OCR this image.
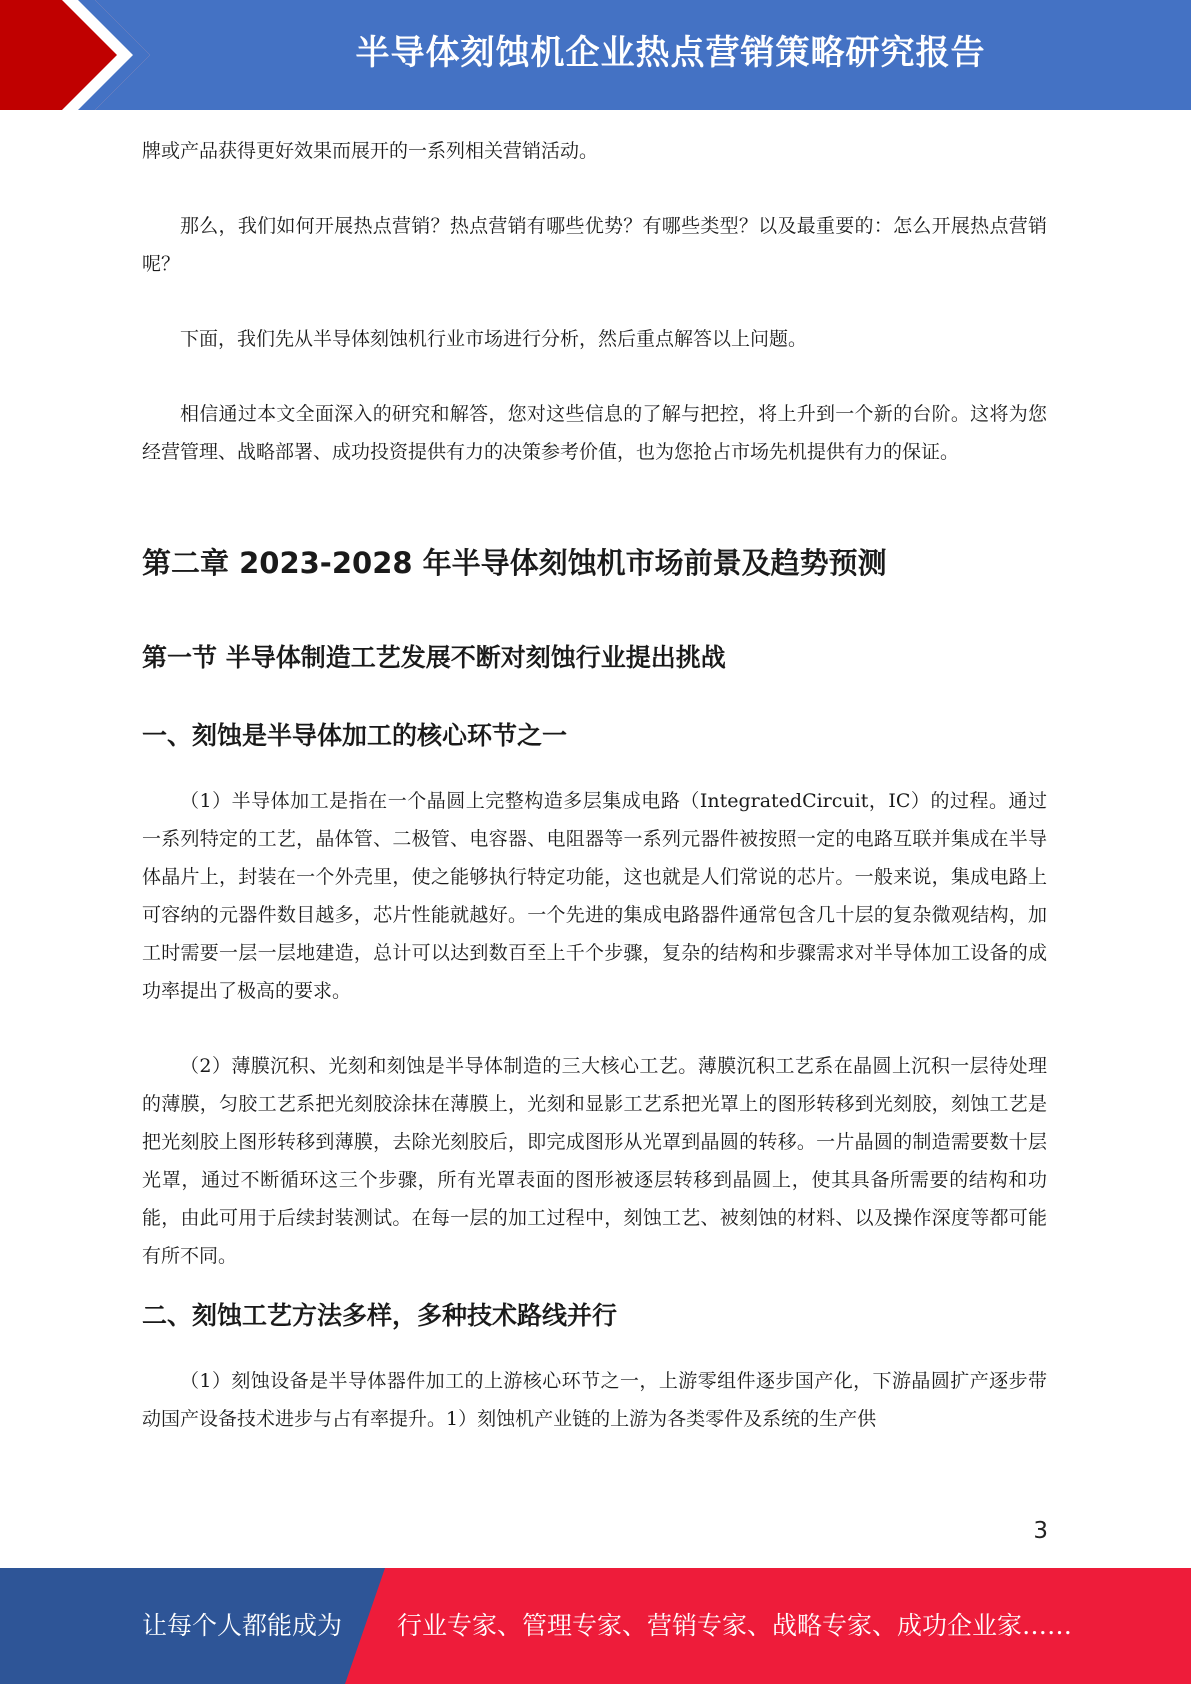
半导体刻蚀机企业热点营销策略研究报告

牌或产品获得更好效果而展开的一系列相关营销活动。

那么，我们如何开展热点营销？热点营销有哪些优势？有哪些类型？以及最重要的：怎么开展热点营销呢？

下面，我们先从半导体刻蚀机行业市场进行分析，然后重点解答以上问题。

相信通过本文全面深入的研究和解答，您对这些信息的了解与把控，将上升到一个新的台阶。这将为您经营管理、战略部署、成功投资提供有力的决策参考价值，也为您抢占市场先机提供有力的保证。

第二章 2023-2028 年半导体刻蚀机市场前景及趋势预测
第一节 半导体制造工艺发展不断对刻蚀行业提出挑战
一、刻蚀是半导体加工的核心环节之一

（1）半导体加工是指在一个晶圆上完整构造多层集成电路（IntegratedCircuit，IC）的过程。通过一系列特定的工艺，晶体管、二极管、电容器、电阻器等一系列元器件被按照一定的电路互联并集成在半导体晶片上，封装在一个外壳里，使之能够执行特定功能，这也就是人们常说的芯片。一般来说，集成电路上可容纳的元器件数目越多，芯片性能就越好。一个先进的集成电路器件通常包含几十层的复杂微观结构，加工时需要一层一层地建造，总计可以达到数百至上千个步骤，复杂的结构和步骤需求对半导体加工设备的成功率提出了极高的要求。

（2）薄膜沉积、光刻和刻蚀是半导体制造的三大核心工艺。薄膜沉积工艺系在晶圆上沉积一层待处理的薄膜，匀胶工艺系把光刻胶涂抹在薄膜上，光刻和显影工艺系把光罩上的图形转移到光刻胶，刻蚀工艺是把光刻胶上图形转移到薄膜，去除光刻胶后，即完成图形从光罩到晶圆的转移。一片晶圆的制造需要数十层光罩，通过不断循环这三个步骤，所有光罩表面的图形被逐层转移到晶圆上，使其具备所需要的结构和功能，由此可用于后续封装测试。在每一层的加工过程中，刻蚀工艺、被刻蚀的材料、以及操作深度等都可能有所不同。

二、刻蚀工艺方法多样，多种技术路线并行

（1）刻蚀设备是半导体器件加工的上游核心环节之一，上游零组件逐步国产化，下游晶圆扩产逐步带动国产设备技术进步与占有率提升。1）刻蚀机产业链的上游为各类零件及系统的生产供

3
让每个人都能成为 行业专家、管理专家、营销专家、战略专家、成功企业家……
